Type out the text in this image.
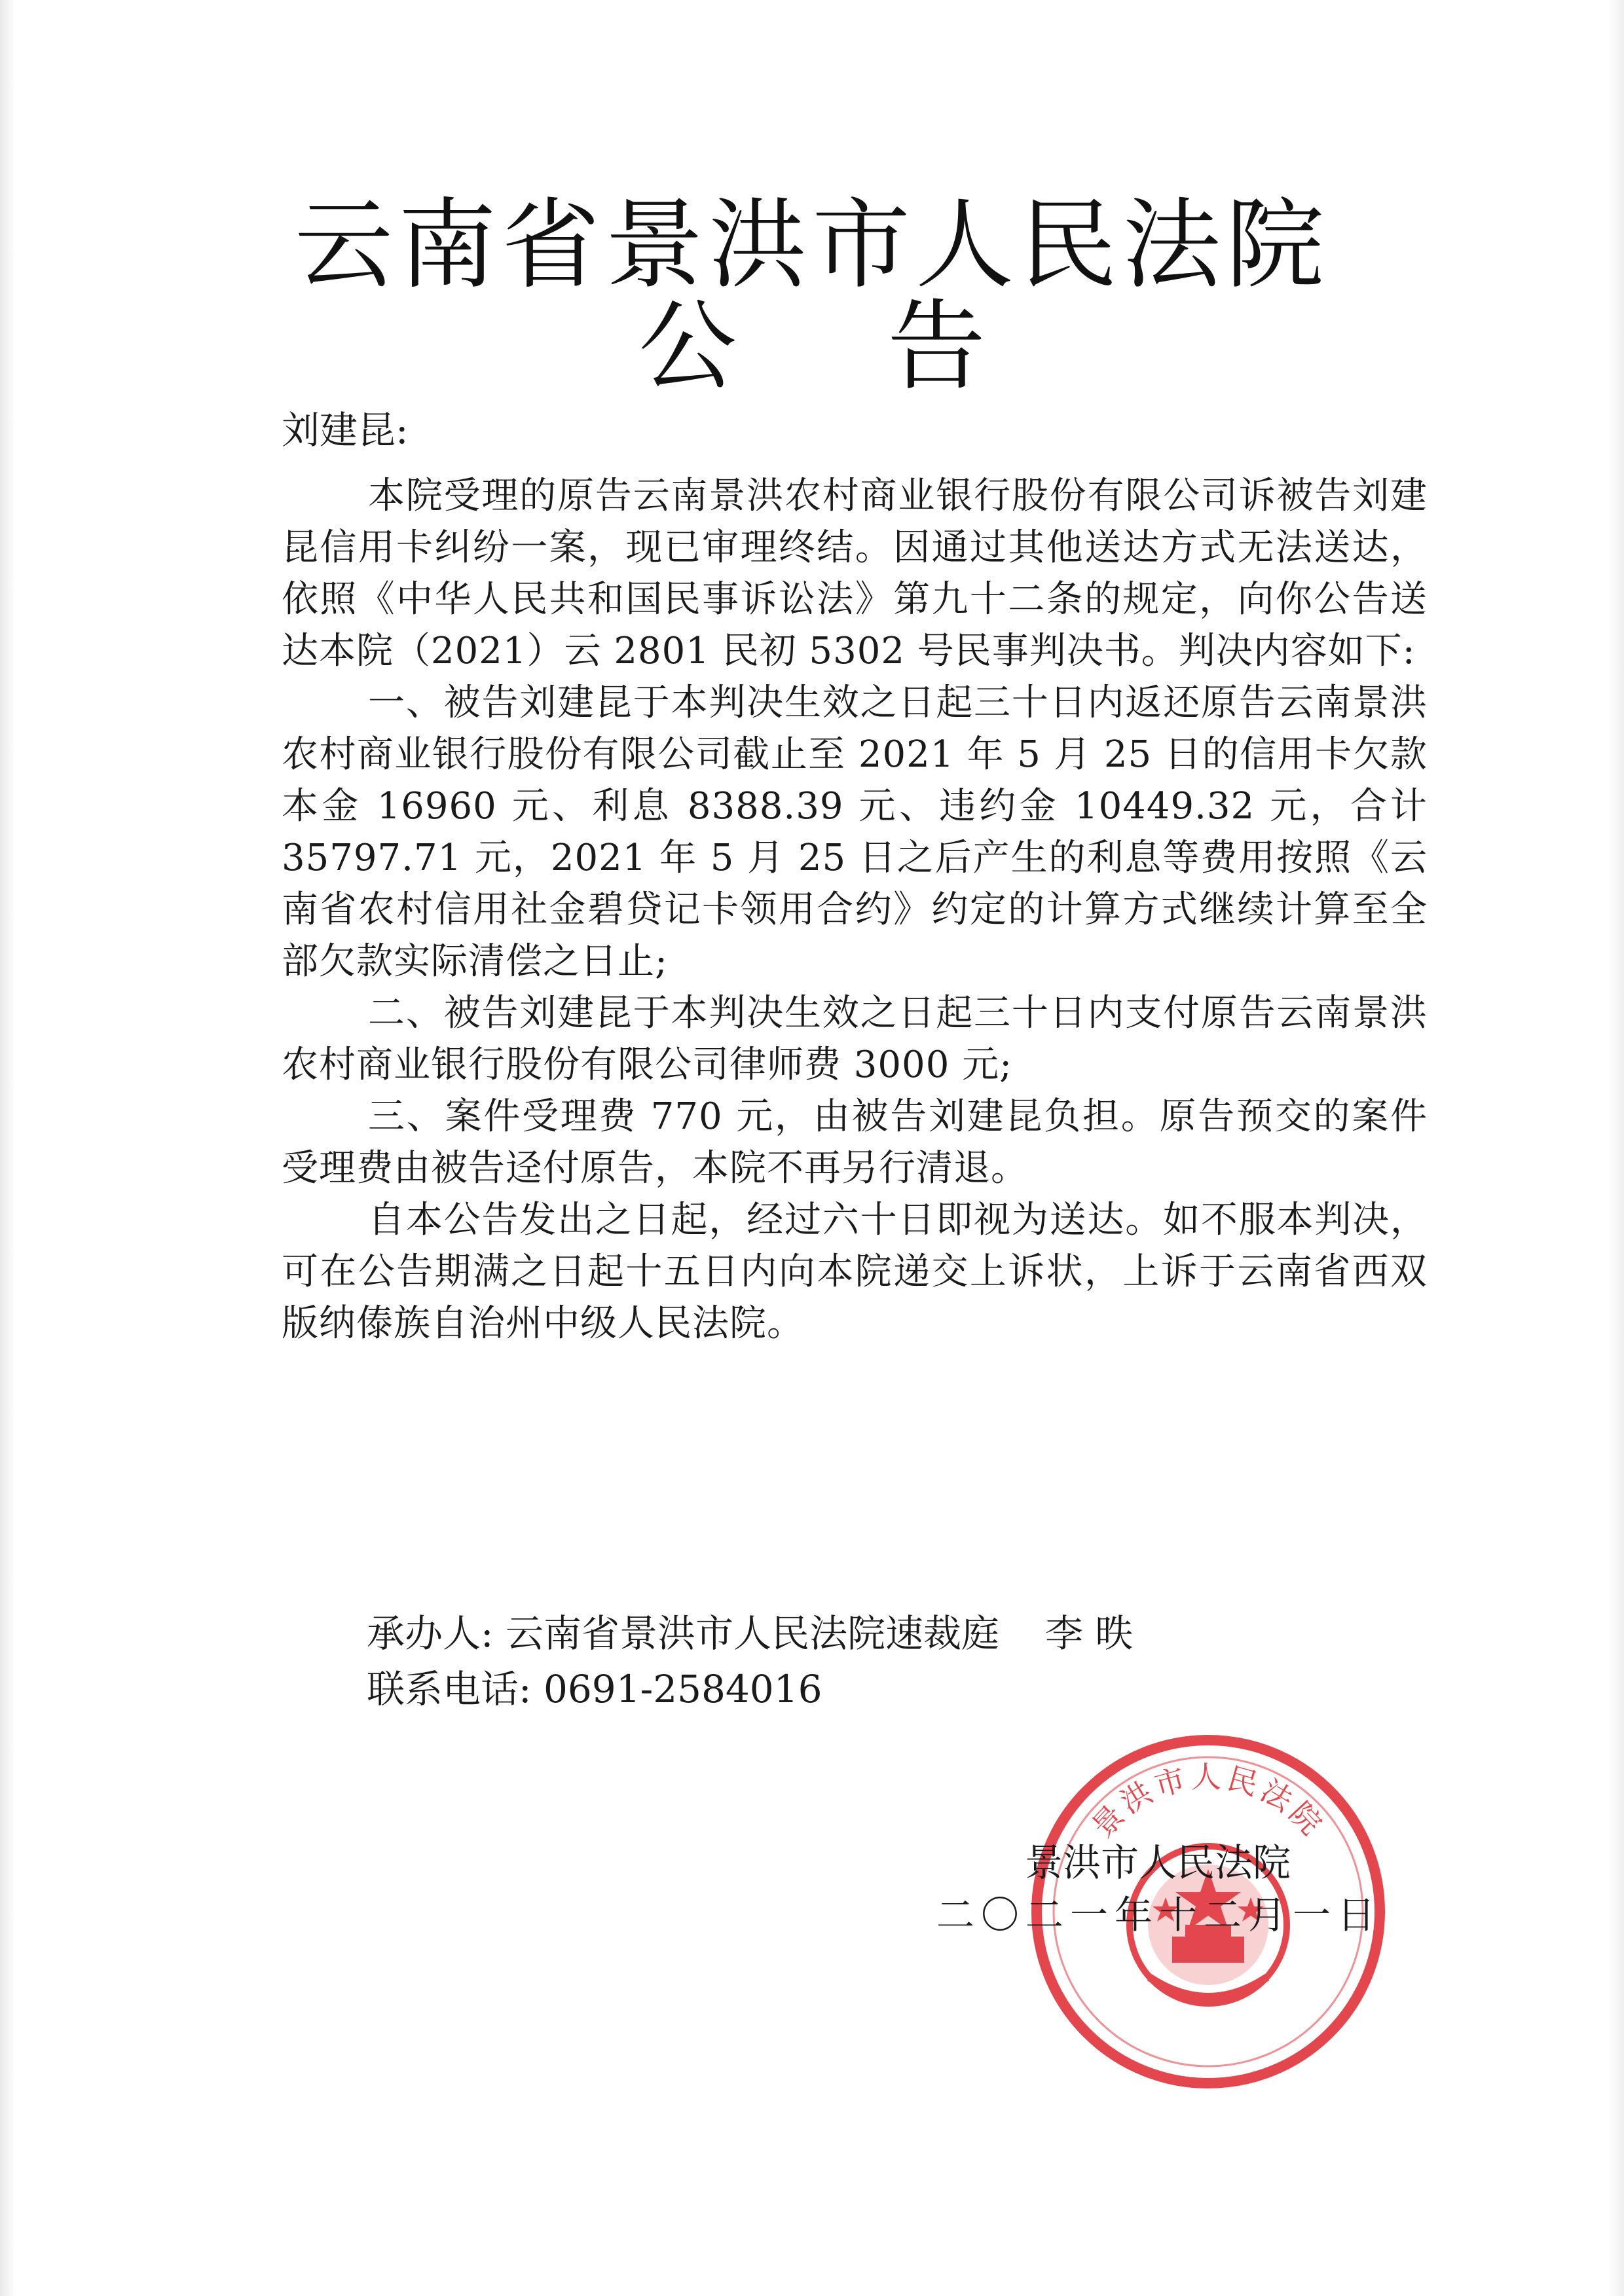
云南省景洪市人民法院
公 告
刘建昆:

本院受理的原告云南景洪农村商业银行股份有限公司诉被告刘建昆信用卡纠纷一案，现已审理终结。因通过其他送达方式无法送达，依照《中华人民共和国民事诉讼法》第九十二条的规定，向你公告送达本院（2021）云 2801 民初 5302 号民事判决书。判决内容如下:

一、被告刘建昆于本判决生效之日起三十日内返还原告云南景洪农村商业银行股份有限公司截止至 2021 年 5 月 25 日的信用卡欠款本金 16960 元、利息 8388.39 元、违约金 10449.32 元，合计 35797.71 元，2021 年 5 月 25 日之后产生的利息等费用按照《云南省农村信用社金碧贷记卡领用合约》约定的计算方式继续计算至全部欠款实际清偿之日止;

二、被告刘建昆于本判决生效之日起三十日内支付原告云南景洪农村商业银行股份有限公司律师费 3000 元;

三、案件受理费 770 元，由被告刘建昆负担。原告预交的案件受理费由被告迳付原告，本院不再另行清退。

自本公告发出之日起，经过六十日即视为送达。如不服本判决，可在公告期满之日起十五日内向本院递交上诉状，上诉于云南省西双版纳傣族自治州中级人民法院。

承办人: 云南省景洪市人民法院速裁庭 李 昳
联系电话: 0691-2584016
景洪市人民法院
景洪市人民法院
二〇二一年十二月一日
